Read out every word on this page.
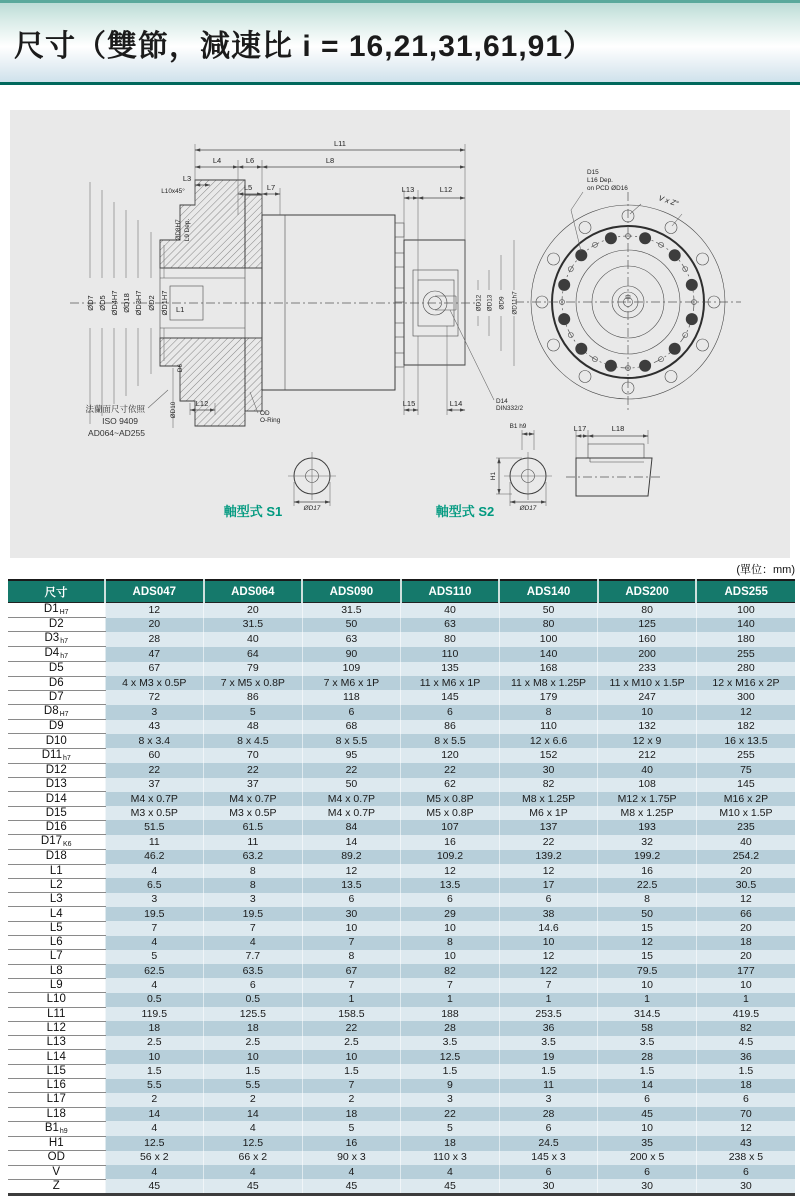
尺寸（雙節，減速比 i = 16,21,31,61,91）
L11
L4	L6	L8
L3
L10x45°	L5 L7	L13	L12
ØD7 ØD5 ØD4H7 ØD18 ØD3H7 ØD2 ØD1H7
ØD8H7 L9 Dep.
D6
L1
ØD10 L12
OD
O-Ring
法蘭面尺寸依照
ISO 9409
AD064~AD255
ØD12 ØD13 ØD9 ØD11h7
L15	L14	D14
DIN332/2
D15
L16 Dep.
on PCD ØD16
V x Z°
ØD17
軸型式 S1
B1 h9
H1
ØD17
軸型式 S2
L17	L18
(單位：mm)
尺寸	ADS047	ADS064	ADS090	ADS110	ADS140	ADS200	ADS255
D1H7	12	20	31.5	40	50	80	100
D2	20	31.5	50	63	80	125	140
D3h7	28	40	63	80	100	160	180
D4h7	47	64	90	110	140	200	255
D5	67	79	109	135	168	233	280
D6	4 x M3 x 0.5P	7 x M5 x 0.8P	7 x M6 x 1P	11 x M6 x 1P	11 x M8 x 1.25P	11 x M10 x 1.5P	12 x M16 x 2P
D7	72	86	118	145	179	247	300
D8H7	3	5	6	6	8	10	12
D9	43	48	68	86	110	132	182
D10	8 x 3.4	8 x 4.5	8 x 5.5	8 x 5.5	12 x 6.6	12 x 9	16 x 13.5
D11h7	60	70	95	120	152	212	255
D12	22	22	22	22	30	40	75
D13	37	37	50	62	82	108	145
D14	M4 x 0.7P	M4 x 0.7P	M4 x 0.7P	M5 x 0.8P	M8 x 1.25P	M12 x 1.75P	M16 x 2P
D15	M3 x 0.5P	M3 x 0.5P	M4 x 0.7P	M5 x 0.8P	M6 x 1P	M8 x 1.25P	M10 x 1.5P
D16	51.5	61.5	84	107	137	193	235
D17K6	11	11	14	16	22	32	40
D18	46.2	63.2	89.2	109.2	139.2	199.2	254.2
L1	4	8	12	12	12	16	20
L2	6.5	8	13.5	13.5	17	22.5	30.5
L3	3	3	6	6	6	8	12
L4	19.5	19.5	30	29	38	50	66
L5	7	7	10	10	14.6	15	20
L6	4	4	7	8	10	12	18
L7	5	7.7	8	10	12	15	20
L8	62.5	63.5	67	82	122	79.5	177
L9	4	6	7	7	7	10	10
L10	0.5	0.5	1	1	1	1	1
L11	119.5	125.5	158.5	188	253.5	314.5	419.5
L12	18	18	22	28	36	58	82
L13	2.5	2.5	2.5	3.5	3.5	3.5	4.5
L14	10	10	10	12.5	19	28	36
L15	1.5	1.5	1.5	1.5	1.5	1.5	1.5
L16	5.5	5.5	7	9	11	14	18
L17	2	2	2	3	3	6	6
L18	14	14	18	22	28	45	70
B1h9	4	4	5	5	6	10	12
H1	12.5	12.5	16	18	24.5	35	43
OD	56 x 2	66 x 2	90 x 3	110 x 3	145 x 3	200 x 5	238 x 5
V	4	4	4	4	6	6	6
Z	45	45	45	45	30	30	30
